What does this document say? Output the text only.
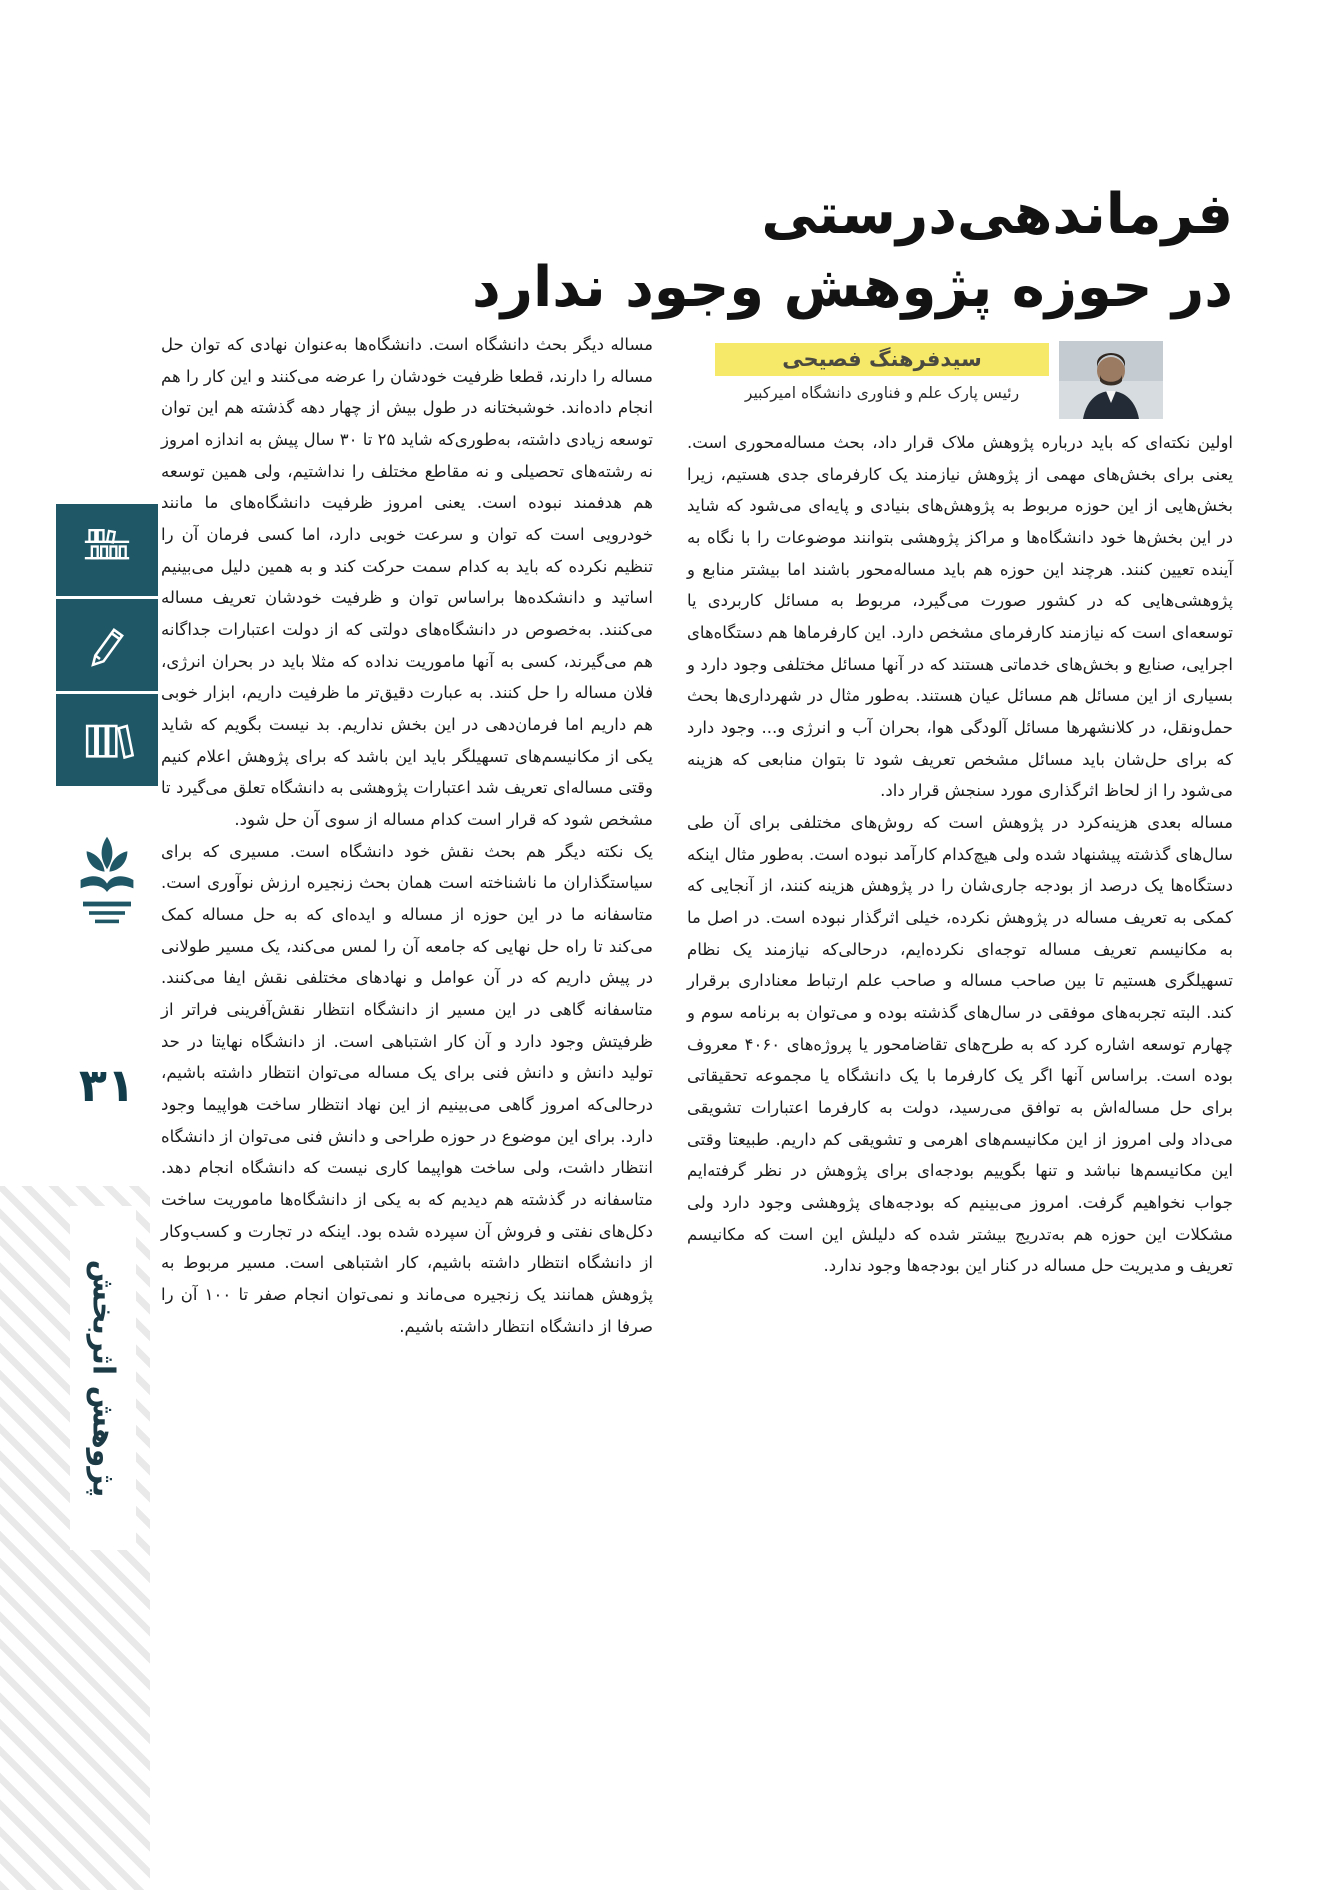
فرماندهی‌درستی
در حوزه پژوهش وجود ندارد
سیدفرهنگ فصیحی
رئیس پارک علم و فناوری دانشگاه امیرکبیر

اولین نکته‌ای که باید درباره پژوهش ملاک قرار داد، بحث مساله‌محوری است. یعنی برای بخش‌های مهمی از پژوهش نیازمند یک کارفرمای جدی هستیم، زیرا بخش‌هایی از این حوزه مربوط به پژوهش‌های بنیادی و پایه‌ای می‌شود که شاید در این بخش‌ها خود دانشگاه‌ها و مراکز پژوهشی بتوانند موضوعات را با نگاه به آینده تعیین کنند. هرچند این حوزه هم باید مساله‌محور باشند اما بیشتر منابع و پژوهشی‌هایی که در کشور صورت می‌گیرد، مربوط به مسائل کاربردی یا توسعه‌ای است که نیازمند کارفرمای مشخص دارد. این کارفرماها هم دستگاه‌های اجرایی، صنایع و بخش‌های خدماتی هستند که در آنها مسائل مختلفی وجود دارد و بسیاری از این مسائل هم مسائل عیان هستند. به‌طور مثال در شهرداری‌ها بحث حمل‌ونقل، در کلانشهرها مسائل آلودگی هوا، بحران آب و انرژی و... وجود دارد که برای حل‌شان باید مسائل مشخص تعریف شود تا بتوان منابعی که هزینه می‌شود را از لحاظ اثرگذاری مورد سنجش قرار داد.

مساله بعدی هزینه‌کرد در پژوهش است که روش‌های مختلفی برای آن طی سال‌های گذشته پیشنهاد شده ولی هیچ‌کدام کارآمد نبوده است. به‌طور مثال اینکه دستگاه‌ها یک درصد از بودجه جاری‌شان را در پژوهش هزینه کنند، از آنجایی که کمکی به تعریف مساله در پژوهش نکرده، خیلی اثرگذار نبوده است. در اصل ما به مکانیسم تعریف مساله توجه‌ای نکرده‌ایم، درحالی‌که نیازمند یک نظام تسهیلگری هستیم تا بین صاحب مساله و صاحب علم ارتباط معناداری برقرار کند. البته تجربه‌های موفقی در سال‌های گذشته بوده و می‌توان به برنامه سوم و چهارم توسعه اشاره کرد که به طرح‌های تقاضامحور یا پروژه‌های ۴۰۶۰ معروف بوده است. براساس آنها اگر یک کارفرما با یک دانشگاه یا مجموعه تحقیقاتی برای حل مساله‌اش به توافق می‌رسید، دولت به کارفرما اعتبارات تشویقی می‌داد ولی امروز از این مکانیسم‌های اهرمی و تشویقی کم داریم. طبیعتا وقتی این مکانیسم‌ها نباشد و تنها بگوییم بودجه‌ای برای پژوهش در نظر گرفته‌ایم جواب نخواهیم گرفت. امروز می‌بینیم که بودجه‌های پژوهشی وجود دارد ولی مشکلات این حوزه هم به‌تدریج بیشتر شده که دلیلش این است که مکانیسم تعریف و مدیریت حل مساله در کنار این بودجه‌ها وجود ندارد.

مساله دیگر بحث دانشگاه است. دانشگاه‌ها به‌عنوان نهادی که توان حل مساله را دارند، قطعا ظرفیت خودشان را عرضه می‌کنند و این کار را هم انجام داده‌اند. خوشبختانه در طول بیش از چهار دهه گذشته هم این توان توسعه زیادی داشته، به‌طوری‌که شاید ۲۵ تا ۳۰ سال پیش به اندازه امروز نه رشته‌های تحصیلی و نه مقاطع مختلف را نداشتیم، ولی همین توسعه هم هدفمند نبوده است. یعنی امروز ظرفیت دانشگاه‌های ما مانند خودرویی است که توان و سرعت خوبی دارد، اما کسی فرمان آن را تنظیم نکرده که باید به کدام سمت حرکت کند و به همین دلیل می‌بینیم اساتید و دانشکده‌ها براساس توان و ظرفیت خودشان تعریف مساله می‌کنند. به‌خصوص در دانشگاه‌های دولتی که از دولت اعتبارات جداگانه هم می‌گیرند، کسی به آنها ماموریت نداده که مثلا باید در بحران انرژی، فلان مساله را حل کنند. به عبارت دقیق‌تر ما ظرفیت داریم، ابزار خوبی هم داریم اما فرمان‌دهی در این بخش نداریم. بد نیست بگویم که شاید یکی از مکانیسم‌های تسهیلگر باید این باشد که برای پژوهش اعلام کنیم وقتی مساله‌ای تعریف شد اعتبارات پژوهشی به دانشگاه تعلق می‌گیرد تا مشخص شود که قرار است کدام مساله از سوی آن حل شود.

یک نکته دیگر هم بحث نقش خود دانشگاه است. مسیری که برای سیاستگذاران ما ناشناخته است همان بحث زنجیره ارزش نوآوری است. متاسفانه ما در این حوزه از مساله و ایده‌ای که به حل مساله کمک می‌کند تا راه حل نهایی که جامعه آن را لمس می‌کند، یک مسیر طولانی در پیش داریم که در آن عوامل و نهادهای مختلفی نقش ایفا می‌کنند. متاسفانه گاهی در این مسیر از دانشگاه انتظار نقش‌آفرینی فراتر از ظرفیتش وجود دارد و آن کار اشتباهی است. از دانشگاه نهایتا در حد تولید دانش و دانش فنی برای یک مساله می‌توان انتظار داشته باشیم، درحالی‌که امروز گاهی می‌بینیم از این نهاد انتظار ساخت هواپیما وجود دارد. برای این موضوع در حوزه طراحی و دانش فنی می‌توان از دانشگاه انتظار داشت، ولی ساخت هواپیما کاری نیست که دانشگاه انجام دهد. متاسفانه در گذشته هم دیدیم که به یکی از دانشگاه‌ها ماموریت ساخت دکل‌های نفتی و فروش آن سپرده شده بود. اینکه در تجارت و کسب‌وکار از دانشگاه انتظار داشته باشیم، کار اشتباهی است. مسیر مربوط به پژوهش همانند یک زنجیره می‌ماند و نمی‌توان انجام صفر تا ۱۰۰ آن را صرفا از دانشگاه انتظار داشته باشیم.

۳۱
پژوهش اثربخش
